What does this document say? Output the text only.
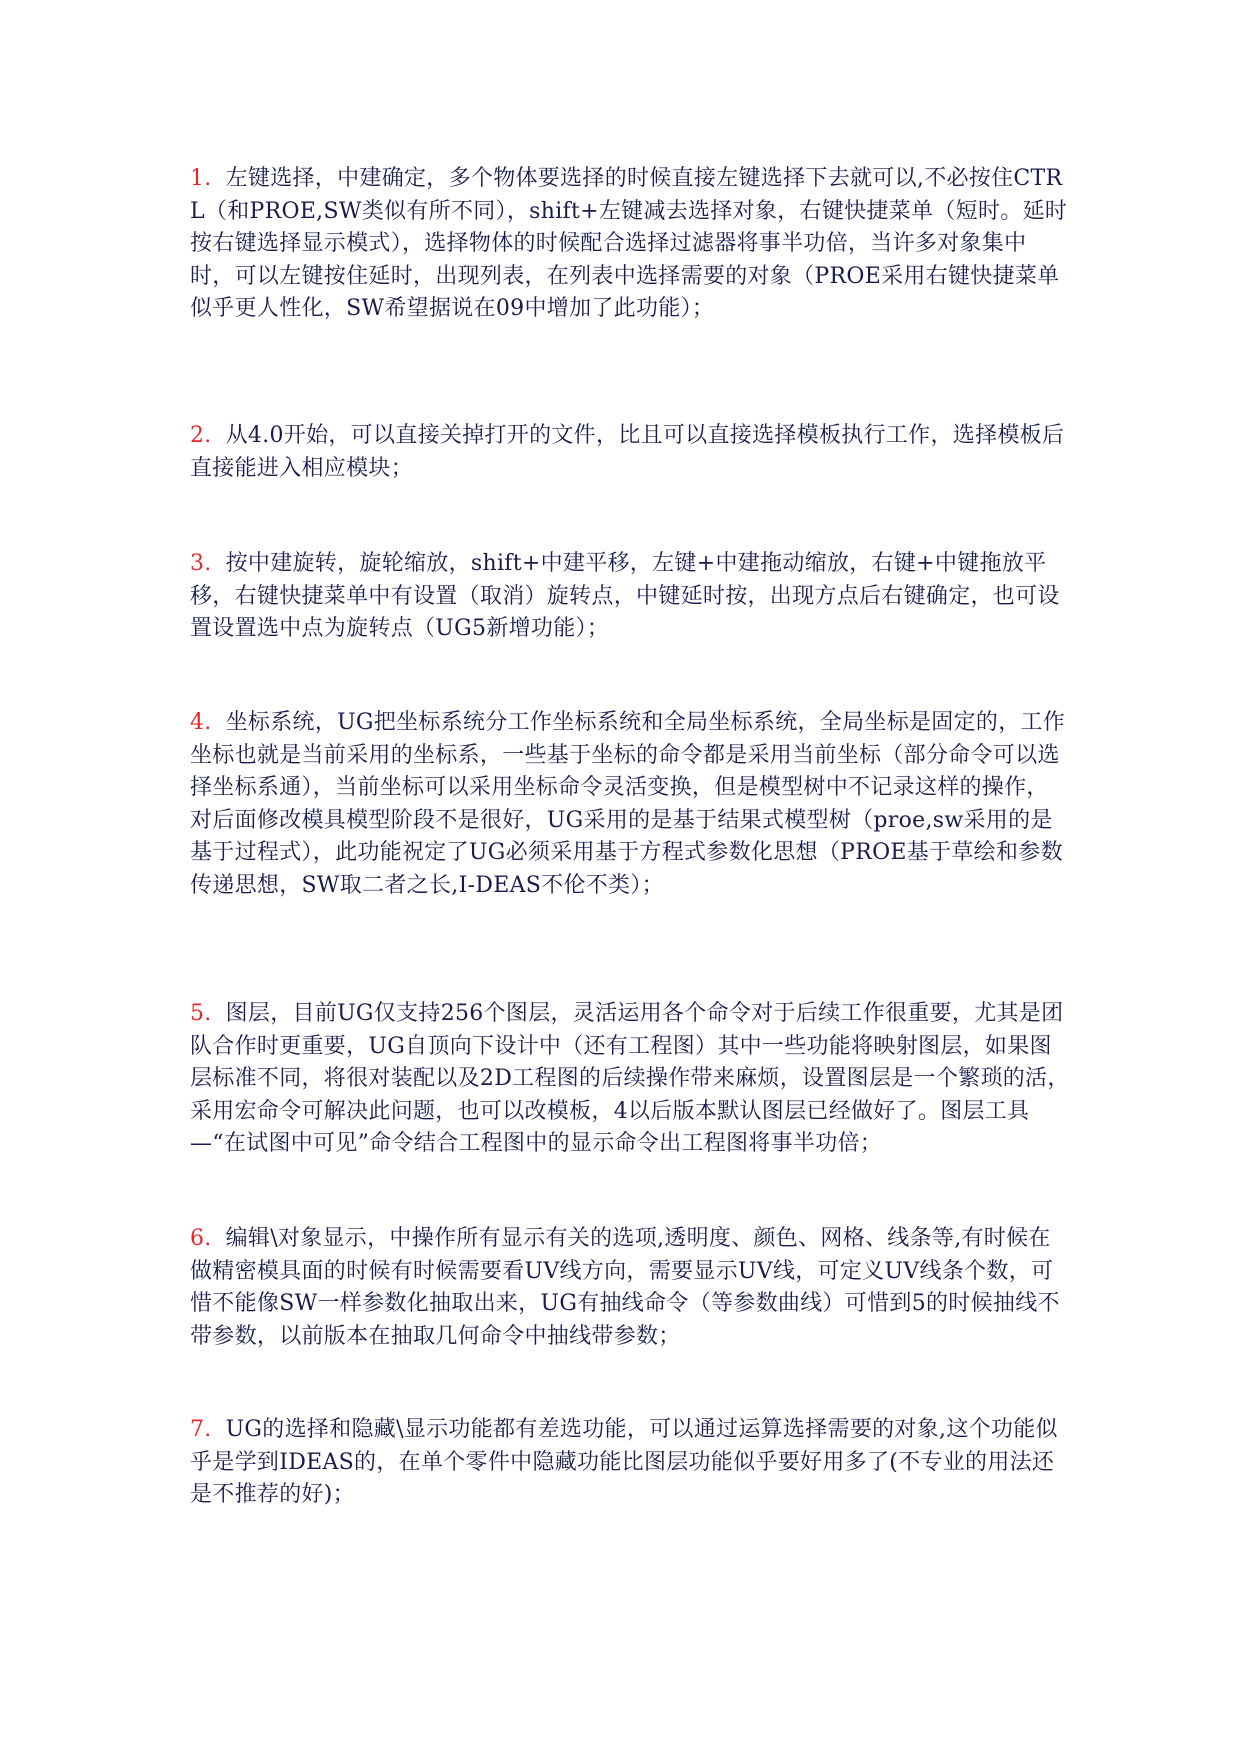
1. 左键选择，中建确定，多个物体要选择的时候直接左键选择下去就可以,不必按住CTRL（和PROE,SW类似有所不同），shift+左键减去选择对象，右键快捷菜单（短时。延时按右键选择显示模式），选择物体的时候配合选择过滤器将事半功倍，当许多对象集中时，可以左键按住延时，出现列表，在列表中选择需要的对象（PROE采用右键快捷菜单似乎更人性化，SW希望据说在09中增加了此功能）；

2. 从4.0开始，可以直接关掉打开的文件，比且可以直接选择模板执行工作，选择模板后直接能进入相应模块；

3. 按中建旋转，旋轮缩放，shift+中建平移，左键+中建拖动缩放，右键+中键拖放平移，右键快捷菜单中有设置（取消）旋转点，中键延时按，出现方点后右键确定，也可设置设置选中点为旋转点（UG5新增功能）；

4. 坐标系统，UG把坐标系统分工作坐标系统和全局坐标系统，全局坐标是固定的，工作坐标也就是当前采用的坐标系，一些基于坐标的命令都是采用当前坐标（部分命令可以选择坐标系通），当前坐标可以采用坐标命令灵活变换，但是模型树中不记录这样的操作，对后面修改模具模型阶段不是很好，UG采用的是基于结果式模型树（proe,sw采用的是基于过程式），此功能祝定了UG必须采用基于方程式参数化思想（PROE基于草绘和参数传递思想，SW取二者之长,I-DEAS不伦不类）；

5. 图层，目前UG仅支持256个图层，灵活运用各个命令对于后续工作很重要，尤其是团队合作时更重要，UG自顶向下设计中（还有工程图）其中一些功能将映射图层，如果图层标准不同，将很对装配以及2D工程图的后续操作带来麻烦，设置图层是一个繁琐的活，采用宏命令可解决此问题，也可以改模板，4以后版本默认图层已经做好了。图层工具—“在试图中可见”命令结合工程图中的显示命令出工程图将事半功倍；

6. 编辑\对象显示，中操作所有显示有关的选项,透明度、颜色、网格、线条等,有时候在做精密模具面的时候有时候需要看UV线方向，需要显示UV线，可定义UV线条个数，可惜不能像SW一样参数化抽取出来，UG有抽线命令（等参数曲线）可惜到5的时候抽线不带参数，以前版本在抽取几何命令中抽线带参数；

7. UG的选择和隐藏\显示功能都有差选功能，可以通过运算选择需要的对象,这个功能似乎是学到IDEAS的，在单个零件中隐藏功能比图层功能似乎要好用多了(不专业的用法还是不推荐的好)；
